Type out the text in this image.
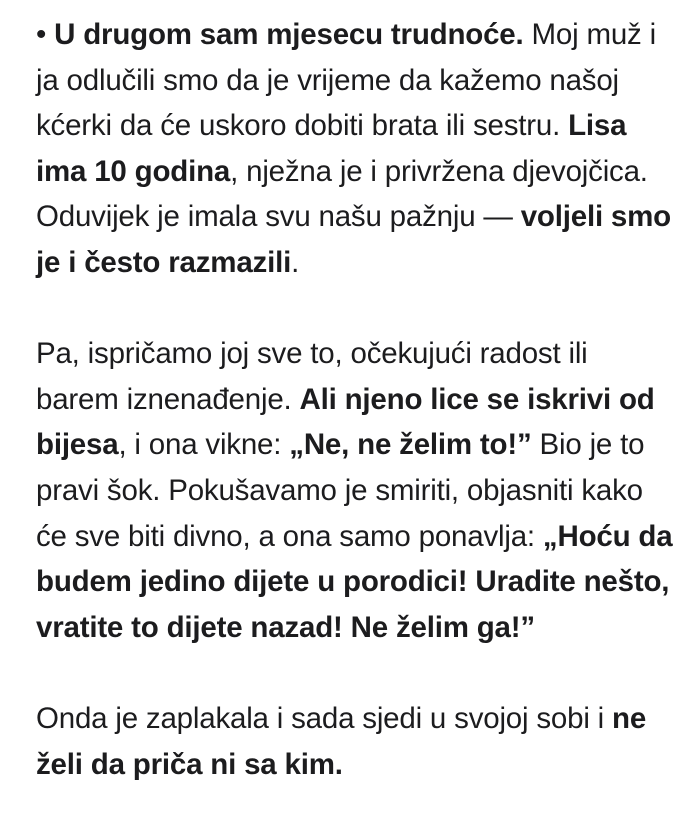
• U drugom sam mjesecu trudnoće. Moj muž i ja odlučili smo da je vrijeme da kažemo našoj kćerki da će uskoro dobiti brata ili sestru. Lisa ima 10 godina, nježna je i privržena djevojčica. Oduvijek je imala svu našu pažnju — voljeli smo je i često razmazili.

Pa, ispričamo joj sve to, očekujući radost ili barem iznenađenje. Ali njeno lice se iskrivi od bijesa, i ona vikne: „Ne, ne želim to!” Bio je to pravi šok. Pokušavamo je smiriti, objasniti kako će sve biti divno, a ona samo ponavlja: „Hoću da budem jedino dijete u porodici! Uradite nešto, vratite to dijete nazad! Ne želim ga!”

Onda je zaplakala i sada sjedi u svojoj sobi i ne želi da priča ni sa kim.
